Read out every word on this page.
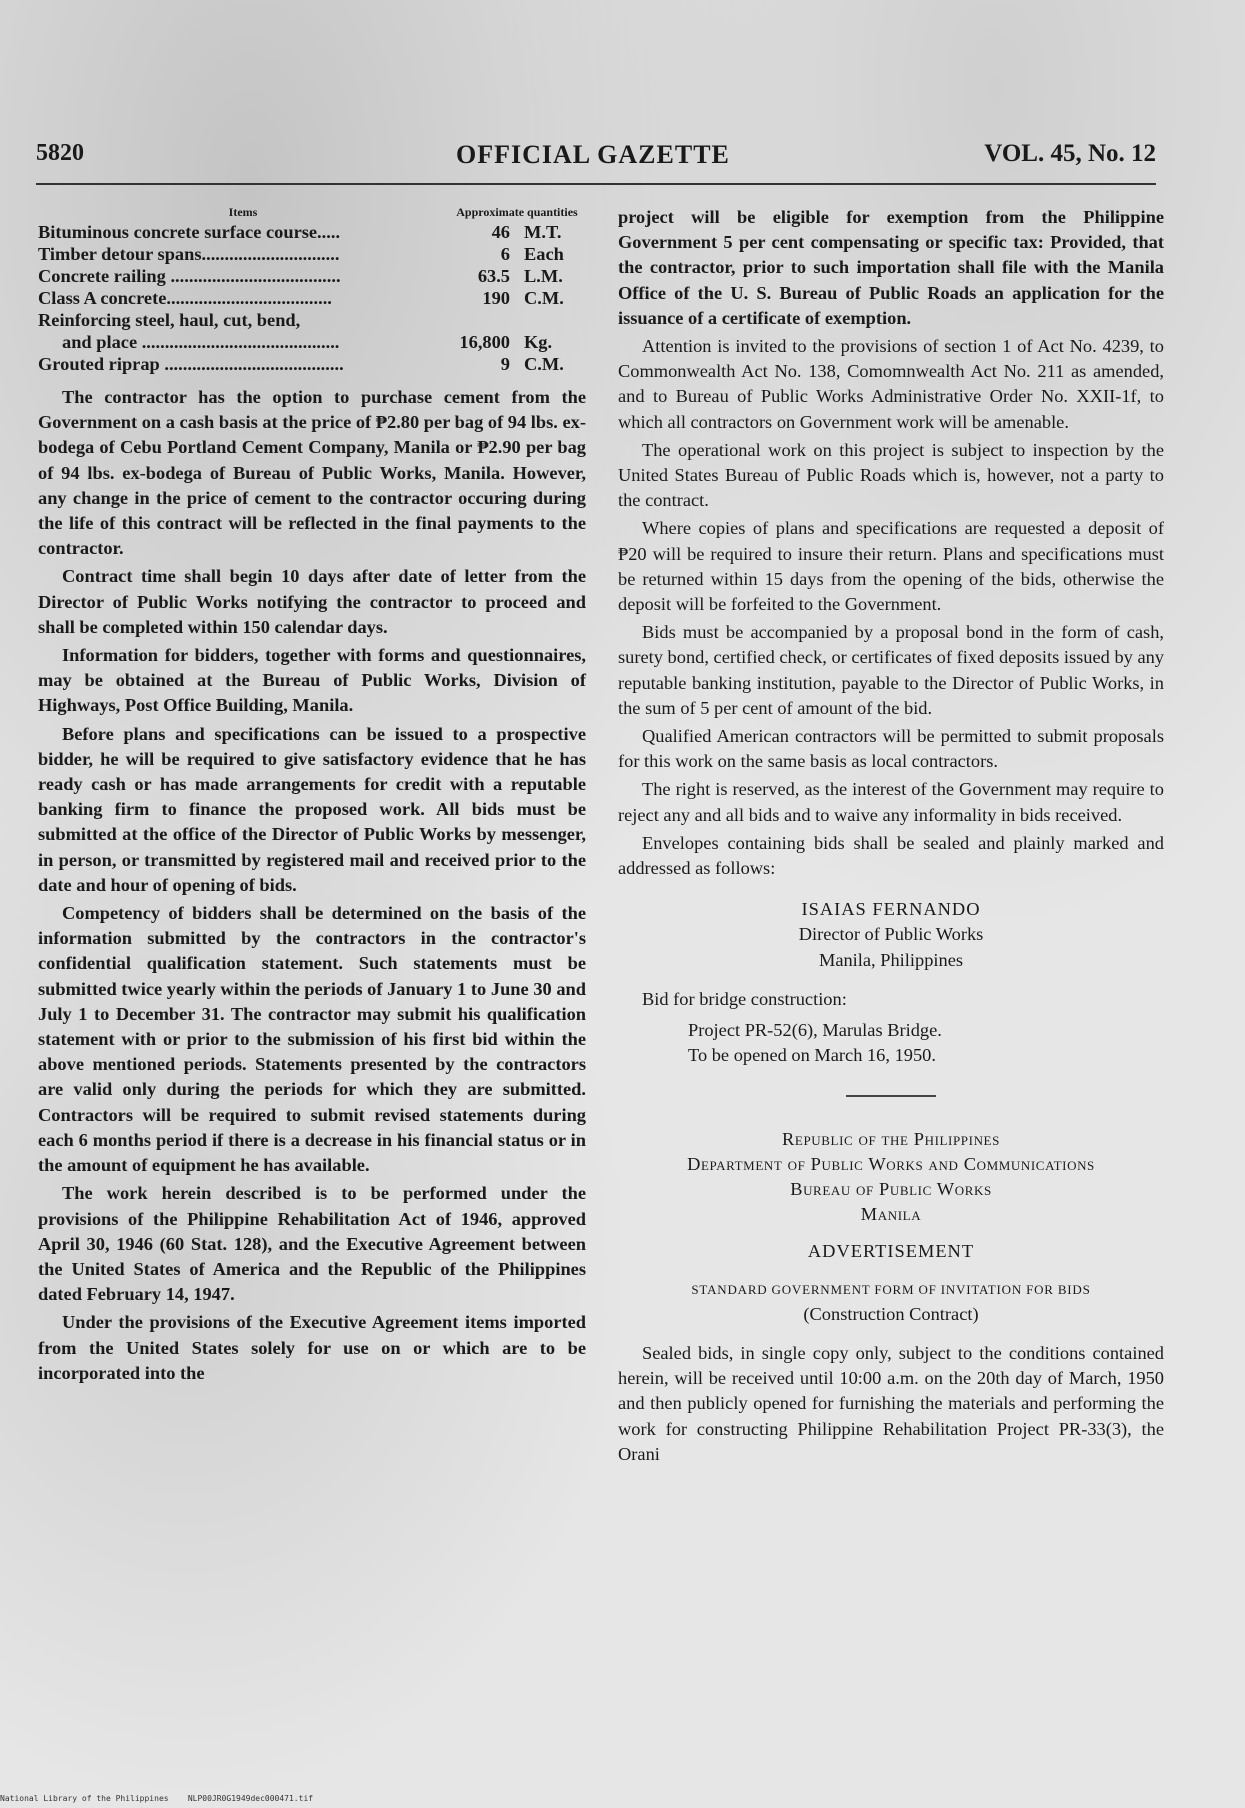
5820	OFFICIAL GAZETTE	VOL. 45, No. 12
Items	Approximate quantities	
Bituminous concrete surface course.....	46	M.T.
Timber detour spans..............................	6	Each
Concrete railing .....................................	63.5	L.M.
Class A concrete....................................	190	C.M.
Reinforcing steel, haul, cut, bend,		
and place ...........................................	16,800	Kg.
Grouted riprap .......................................	9	C.M.

The contractor has the option to purchase cement from the Government on a cash basis at the price of ₱2.80 per bag of 94 lbs. ex-bodega of Cebu Portland Cement Company, Manila or ₱2.90 per bag of 94 lbs. ex-bodega of Bureau of Public Works, Manila. However, any change in the price of cement to the contractor occuring during the life of this contract will be reflected in the final payments to the contractor.

Contract time shall begin 10 days after date of letter from the Director of Public Works notifying the contractor to proceed and shall be completed within 150 calendar days.

Information for bidders, together with forms and questionnaires, may be obtained at the Bureau of Public Works, Division of Highways, Post Office Building, Manila.

Before plans and specifications can be issued to a prospective bidder, he will be required to give satisfactory evidence that he has ready cash or has made arrangements for credit with a reputable banking firm to finance the proposed work. All bids must be submitted at the office of the Director of Public Works by messenger, in person, or transmitted by registered mail and received prior to the date and hour of opening of bids.

Competency of bidders shall be determined on the basis of the information submitted by the contractors in the contractor's confidential qualification statement. Such statements must be submitted twice yearly within the periods of January 1 to June 30 and July 1 to December 31. The contractor may submit his qualification statement with or prior to the submission of his first bid within the above mentioned periods. Statements presented by the contractors are valid only during the periods for which they are submitted. Contractors will be required to submit revised statements during each 6 months period if there is a decrease in his financial status or in the amount of equipment he has available.

The work herein described is to be performed under the provisions of the Philippine Rehabilitation Act of 1946, approved April 30, 1946 (60 Stat. 128), and the Executive Agreement between the United States of America and the Republic of the Philippines dated February 14, 1947.

Under the provisions of the Executive Agreement items imported from the United States solely for use on or which are to be incorporated into the

project will be eligible for exemption from the Philippine Government 5 per cent compensating or specific tax: Provided, that the contractor, prior to such importation shall file with the Manila Office of the U. S. Bureau of Public Roads an application for the issuance of a certificate of exemption.

Attention is invited to the provisions of section 1 of Act No. 4239, to Commonwealth Act No. 138, Comomnwealth Act No. 211 as amended, and to Bureau of Public Works Administrative Order No. XXII-1f, to which all contractors on Government work will be amenable.

The operational work on this project is subject to inspection by the United States Bureau of Public Roads which is, however, not a party to the contract.

Where copies of plans and specifications are requested a deposit of ₱20 will be required to insure their return. Plans and specifications must be returned within 15 days from the opening of the bids, otherwise the deposit will be forfeited to the Government.

Bids must be accompanied by a proposal bond in the form of cash, surety bond, certified check, or certificates of fixed deposits issued by any reputable banking institution, payable to the Director of Public Works, in the sum of 5 per cent of amount of the bid.

Qualified American contractors will be permitted to submit proposals for this work on the same basis as local contractors.

The right is reserved, as the interest of the Government may require to reject any and all bids and to waive any informality in bids received.

Envelopes containing bids shall be sealed and plainly marked and addressed as follows:

ISAIAS FERNANDO

Director of Public Works

Manila, Philippines

Bid for bridge construction:

Project PR-52(6), Marulas Bridge.

To be opened on March 16, 1950.

Republic of the Philippines

Department of Public Works and Communications

Bureau of Public Works

Manila

ADVERTISEMENT

STANDARD GOVERNMENT FORM OF INVITATION FOR BIDS

(Construction Contract)

Sealed bids, in single copy only, subject to the conditions contained herein, will be received until 10:00 a.m. on the 20th day of March, 1950 and then publicly opened for furnishing the materials and performing the work for constructing Philippine Rehabilitation Project PR-33(3), the Orani

National Library of the Philippines NLP00JR0G1949dec000471.tif
